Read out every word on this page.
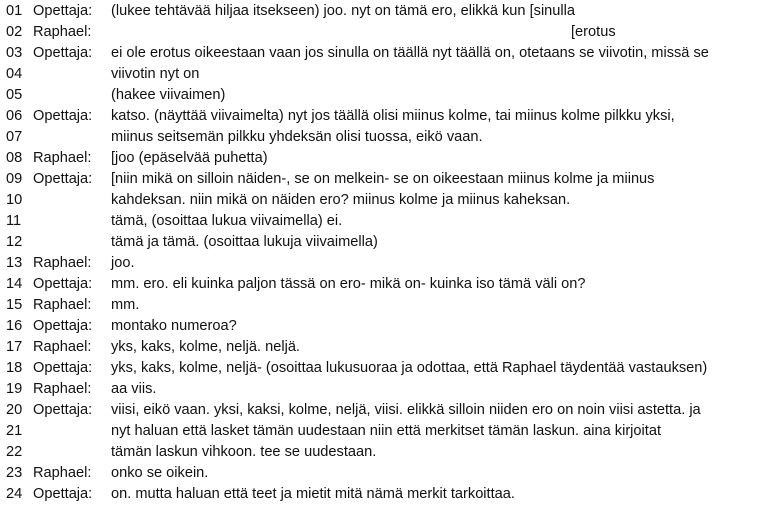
01 Opettaja: (lukee tehtävää hiljaa itsekseen) joo. nyt on tämä ero, elikkä kun [sinulla
02 Raphael:	[erotus
03 Opettaja: ei ole erotus oikeestaan vaan jos sinulla on täällä nyt täällä on, otetaans se viivotin, missä se
04	viivotin nyt on
05	(hakee viivaimen)
06 Opettaja: katso. (näyttää viivaimelta) nyt jos täällä olisi miinus kolme, tai miinus kolme pilkku yksi,
07	miinus seitsemän pilkku yhdeksän olisi tuossa, eikö vaan.
08 Raphael: [joo (epäselvää puhetta)
09 Opettaja: [niin mikä on silloin näiden-, se on melkein- se on oikeestaan miinus kolme ja miinus
10	kahdeksan. niin mikä on näiden ero? miinus kolme ja miinus kaheksan.
11	tämä, (osoittaa lukua viivaimella) ei.
12	tämä ja tämä. (osoittaa lukuja viivaimella)
13 Raphael: joo.
14 Opettaja: mm. ero. eli kuinka paljon tässä on ero- mikä on- kuinka iso tämä väli on?
15 Raphael: mm.
16 Opettaja: montako numeroa?
17 Raphael: yks, kaks, kolme, neljä. neljä.
18 Opettaja: yks, kaks, kolme, neljä- (osoittaa lukusuoraa ja odottaa, että Raphael täydentää vastauksen)
19 Raphael: aa viis.
20 Opettaja: viisi, eikö vaan. yksi, kaksi, kolme, neljä, viisi. elikkä silloin niiden ero on noin viisi astetta. ja
21	nyt haluan että lasket tämän uudestaan niin että merkitset tämän laskun. aina kirjoitat
22	tämän laskun vihkoon. tee se uudestaan.
23 Raphael: onko se oikein.
24 Opettaja: on. mutta haluan että teet ja mietit mitä nämä merkit tarkoittaa.
